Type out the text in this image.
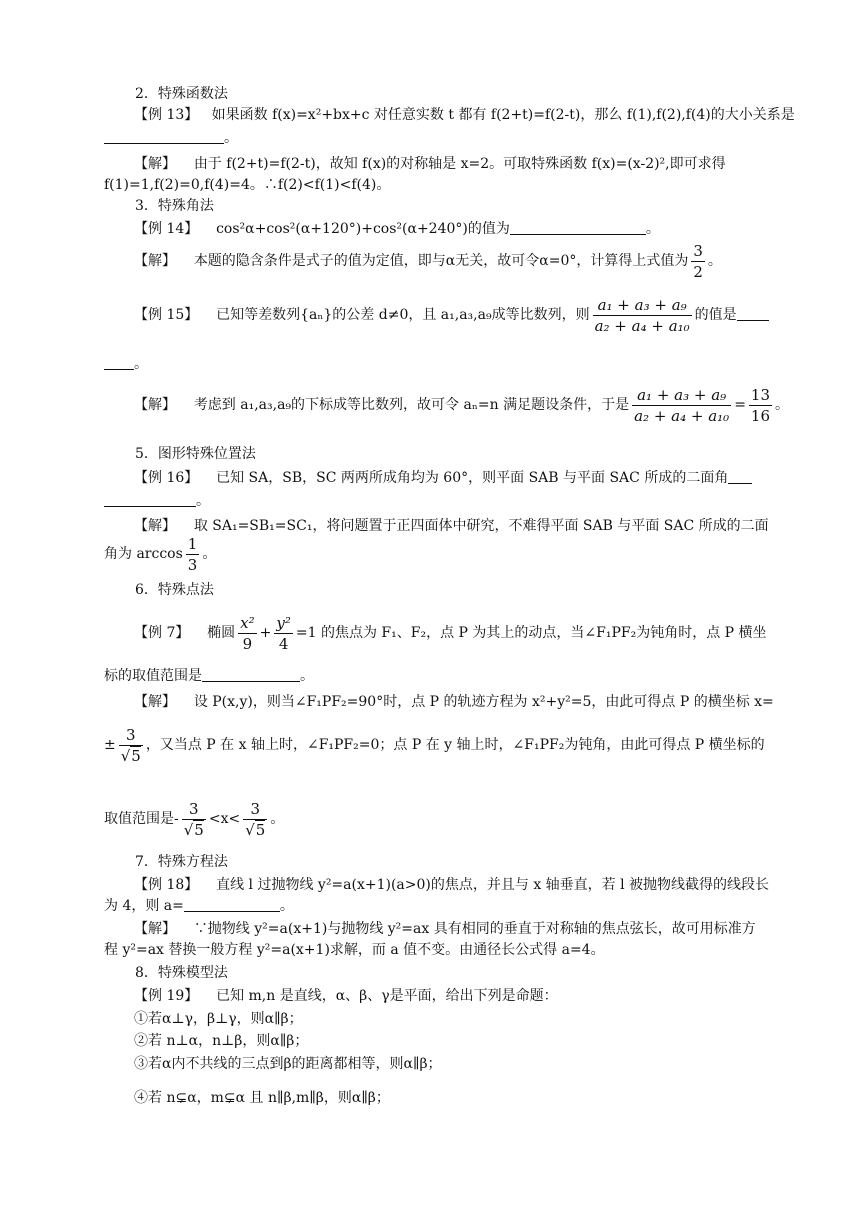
2．特殊函数法
【例 13】 如果函数 f(x)=x²+bx+c 对任意实数 t 都有 f(2+t)=f(2-t)，那么 f(1),f(2),f(4)的大小关系是
。
【解】 由于 f(2+t)=f(2-t)，故知 f(x)的对称轴是 x=2。可取特殊函数 f(x)=(x-2)²,即可求得
f(1)=1,f(2)=0,f(4)=4。∴f(2)<f(1)<f(4)。
3．特殊角法
【例 14】 cos²α+cos²(α+120°)+cos²(α+240°)的值为	。
【解】 本题的隐含条件是式子的值为定值，即与α无关，故可令α=0°，计算得上式值为 $\frac{3}{2}$ 。
【例 15】 已知等差数列{aₙ}的公差 d≠0，且 a₁,a₃,a₉成等比数列，则 $\frac{\text{a₁ + a₃ + a₉}}{\text{a₂ + a₄ + a₁₀}}$ 的值是
。
【解】 考虑到 a₁,a₃,a₉的下标成等比数列，故可令 aₙ=n 满足题设条件，于是 $\frac{\text{a₁ + a₃ + a₉}}{\text{a₂ + a₄ + a₁₀}} = \frac{13}{16}$ 。
5．图形特殊位置法
【例 16】 已知 SA，SB，SC 两两所成角均为 60°，则平面 SAB 与平面 SAC 所成的二面角
。
【解】 取 SA₁=SB₁=SC₁，将问题置于正四面体中研究，不难得平面 SAB 与平面 SAC 所成的二面
角为 $\arccos \frac{1}{3}$ 。
6．特殊点法
【例 7】 椭圆 $\frac{\text{x²}}{9} + \frac{\text{y²}}{4} =1$ 的焦点为 F₁、F₂，点 P 为其上的动点，当∠F₁PF₂为钝角时，点 P 横坐
标的取值范围是	。
【解】 设 P(x,y)，则当∠F₁PF₂=90°时，点 P 的轨迹方程为 x²+y²=5，由此可得点 P 的横坐标 x=
± $\frac{3}{√5}$ ，又当点 P 在 x 轴上时，∠F₁PF₂=0；点 P 在 y 轴上时，∠F₁PF₂为钝角，由此可得点 P 横坐标的
取值范围是- $\frac{3}{√5} <x< \frac{3}{√5}$ 。
7．特殊方程法
【例 18】 直线 l 过抛物线 y²=a(x+1)(a>0)的焦点，并且与 x 轴垂直，若 l 被抛物线截得的线段长
为 4，则 a=	。
【解】 ∵抛物线 y²=a(x+1)与抛物线 y²=ax 具有相同的垂直于对称轴的焦点弦长，故可用标准方
程 y²=ax 替换一般方程 y²=a(x+1)求解，而 a 值不变。由通径长公式得 a=4。
8．特殊模型法
【例 19】 已知 m,n 是直线，α、β、γ是平面，给出下列是命题：
①若α⊥γ，β⊥γ，则α∥β；
②若 n⊥α，n⊥β，则α∥β；
③若α内不共线的三点到β的距离都相等，则α∥β；
④若 n⊊α，m⊊α 且 n∥β,m∥β，则α∥β；
